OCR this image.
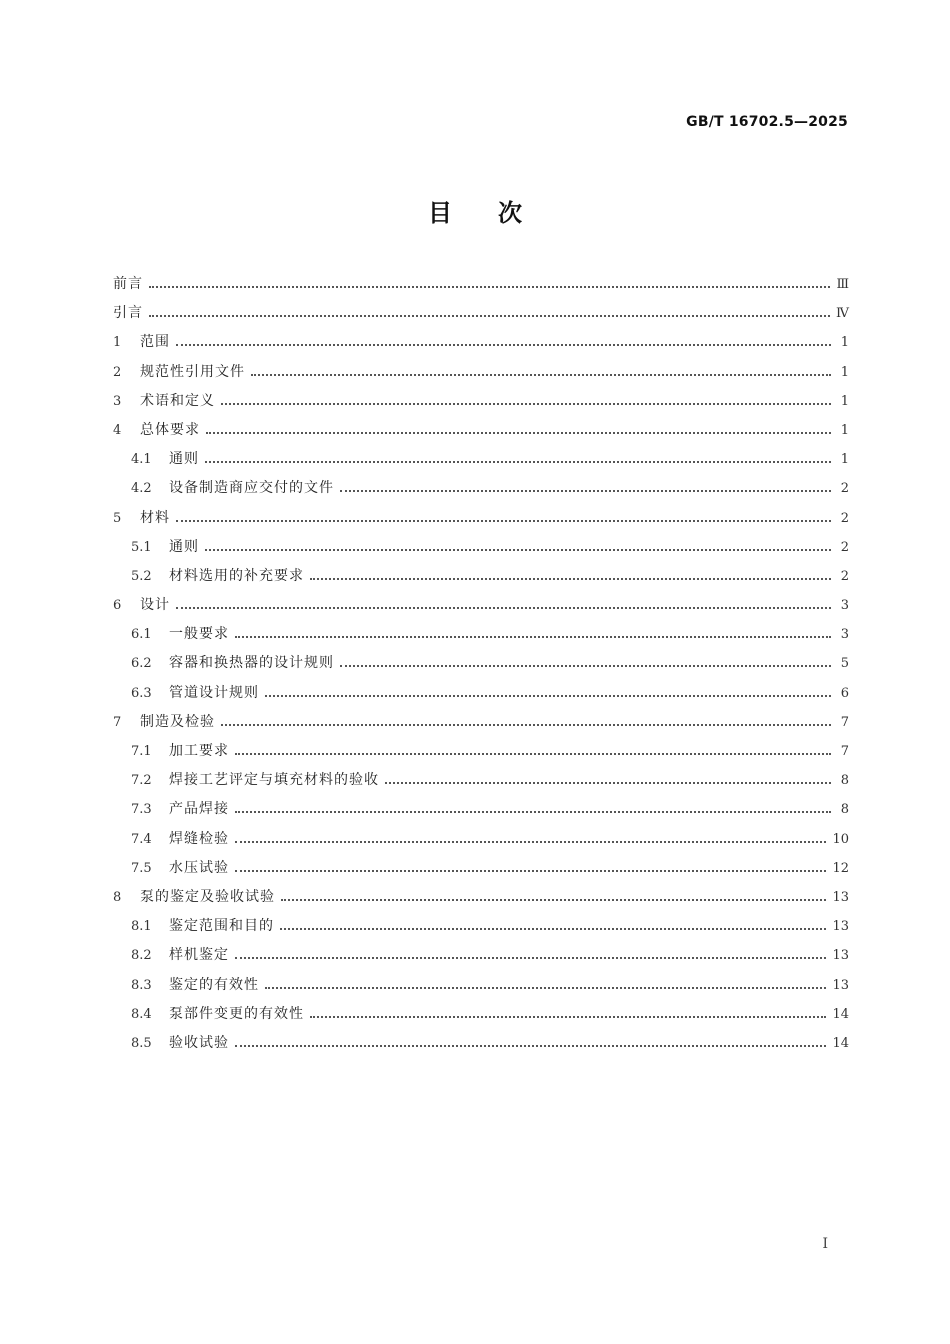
GB/T 16702.5—2025
目 次
前言	Ⅲ
引言	Ⅳ
1	范围	1
2	规范性引用文件	1
3	术语和定义	1
4	总体要求	1
4.1	通则	1
4.2	设备制造商应交付的文件	2
5	材料	2
5.1	通则	2
5.2	材料选用的补充要求	2
6	设计	3
6.1	一般要求	3
6.2	容器和换热器的设计规则	5
6.3	管道设计规则	6
7	制造及检验	7
7.1	加工要求	7
7.2	焊接工艺评定与填充材料的验收	8
7.3	产品焊接	8
7.4	焊缝检验	10
7.5	水压试验	12
8	泵的鉴定及验收试验	13
8.1	鉴定范围和目的	13
8.2	样机鉴定	13
8.3	鉴定的有效性	13
8.4	泵部件变更的有效性	14
8.5	验收试验	14
I
